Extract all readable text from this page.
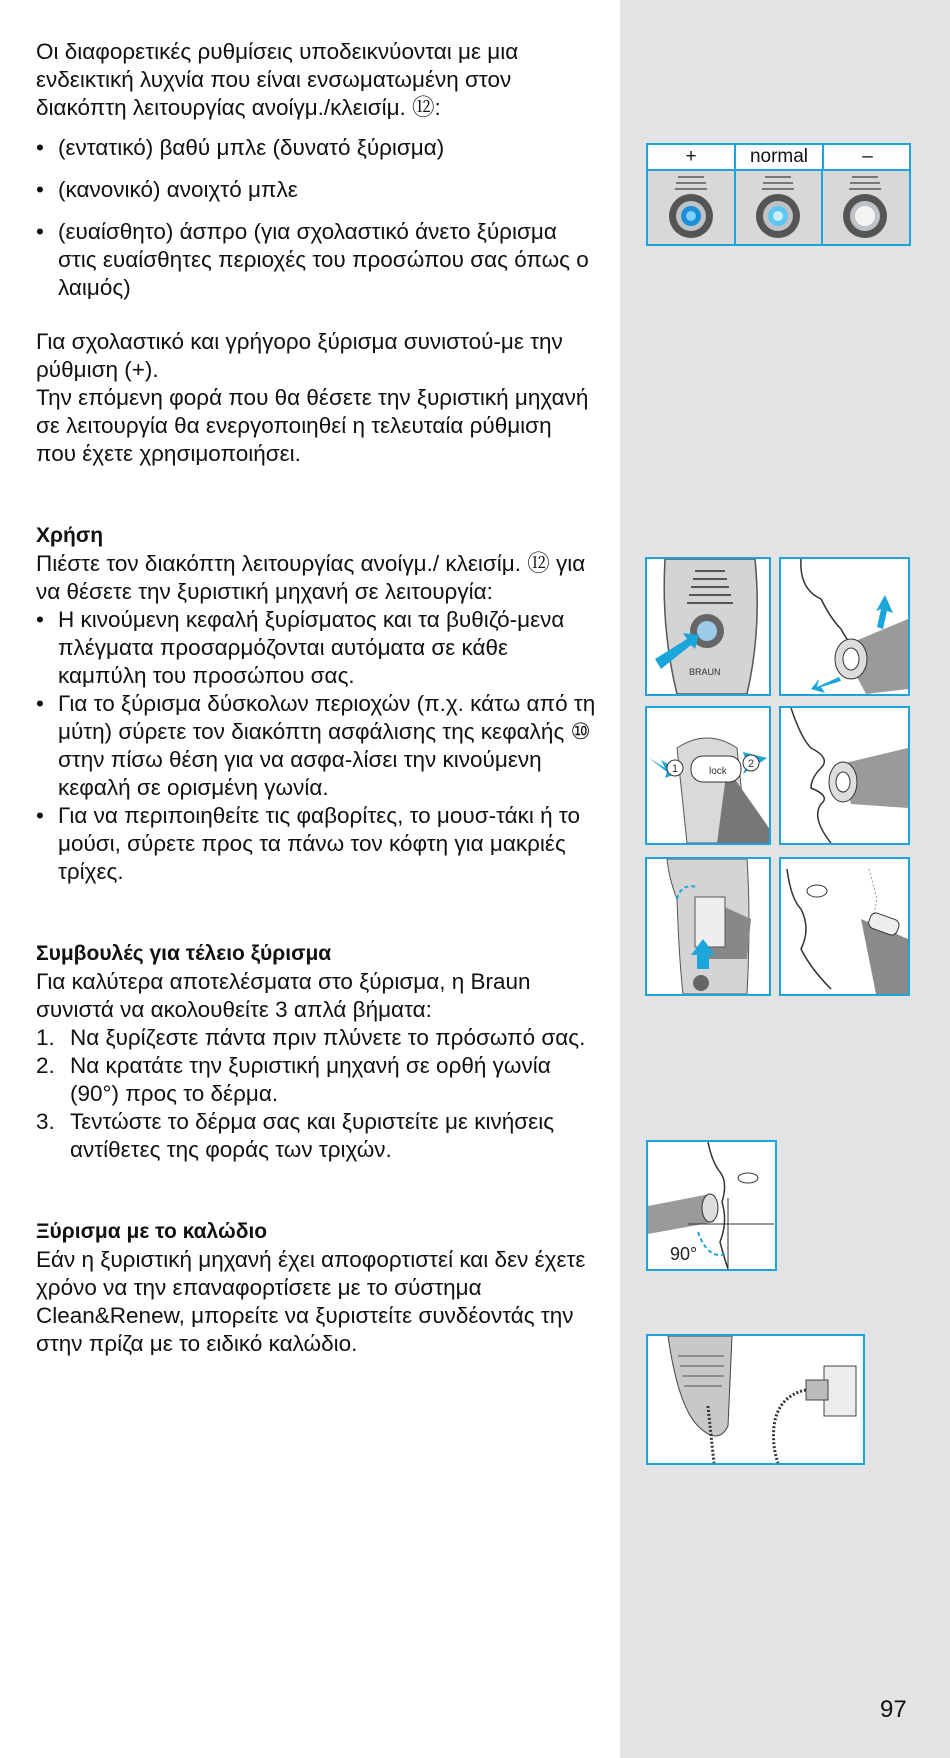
Οι διαφορετικές ρυθμίσεις υποδεικνύονται με μια ενδεικτική λυχνία που είναι ενσωματωμένη στον διακόπτη λειτουργίας ανοίγμ./κλεισίμ. ⑫:

• (εντατικό) βαθύ μπλε (δυνατό ξύρισμα)

• (κανονικό) ανοιχτό μπλε

• (ευαίσθητο) άσπρο (για σχολαστικό άνετο ξύρισμα στις ευαίσθητες περιοχές του προσώπου σας όπως ο λαιμός)

Για σχολαστικό και γρήγορο ξύρισμα συνιστού-με την ρύθμιση (+).

Την επόμενη φορά που θα θέσετε την ξυριστική μηχανή σε λειτουργία θα ενεργοποιηθεί η τελευταία ρύθμιση που έχετε χρησιμοποιήσει.

Χρήση

Πιέστε τον διακόπτη λειτουργίας ανοίγμ./ κλεισίμ. ⑫ για να θέσετε την ξυριστική μηχανή σε λειτουργία:

• Η κινούμενη κεφαλή ξυρίσματος και τα βυθιζό-μενα πλέγματα προσαρμόζονται αυτόματα σε κάθε καμπύλη του προσώπου σας.

• Για το ξύρισμα δύσκολων περιοχών (π.χ. κάτω από τη μύτη) σύρετε τον διακόπτη ασφάλισης της κεφαλής ⑩ στην πίσω θέση για να ασφα-λίσει την κινούμενη κεφαλή σε ορισμένη γωνία.

• Για να περιποιηθείτε τις φαβορίτες, το μουσ-τάκι ή το μούσι, σύρετε προς τα πάνω τον κόφτη για μακριές τρίχες.

Συμβουλές για τέλειο ξύρισμα

Για καλύτερα αποτελέσματα στο ξύρισμα, η Braun συνιστά να ακολουθείτε 3 απλά βήματα:

1. Να ξυρίζεστε πάντα πριν πλύνετε το πρόσωπό σας.

2. Να κρατάτε την ξυριστική μηχανή σε ορθή γωνία (90°) προς το δέρμα.

3. Τεντώστε το δέρμα σας και ξυριστείτε με κινήσεις αντίθετες της φοράς των τριχών.

Ξύρισμα με το καλώδιο

Εάν η ξυριστική μηχανή έχει αποφορτιστεί και δεν έχετε χρόνο να την επαναφορτίσετε με το σύστημα Clean&Renew, μπορείτε να ξυριστείτε συνδέοντάς την στην πρίζα με το ειδικό καλώδιο.

+	normal	–
BRAUN
lock
1	2
90°
97
